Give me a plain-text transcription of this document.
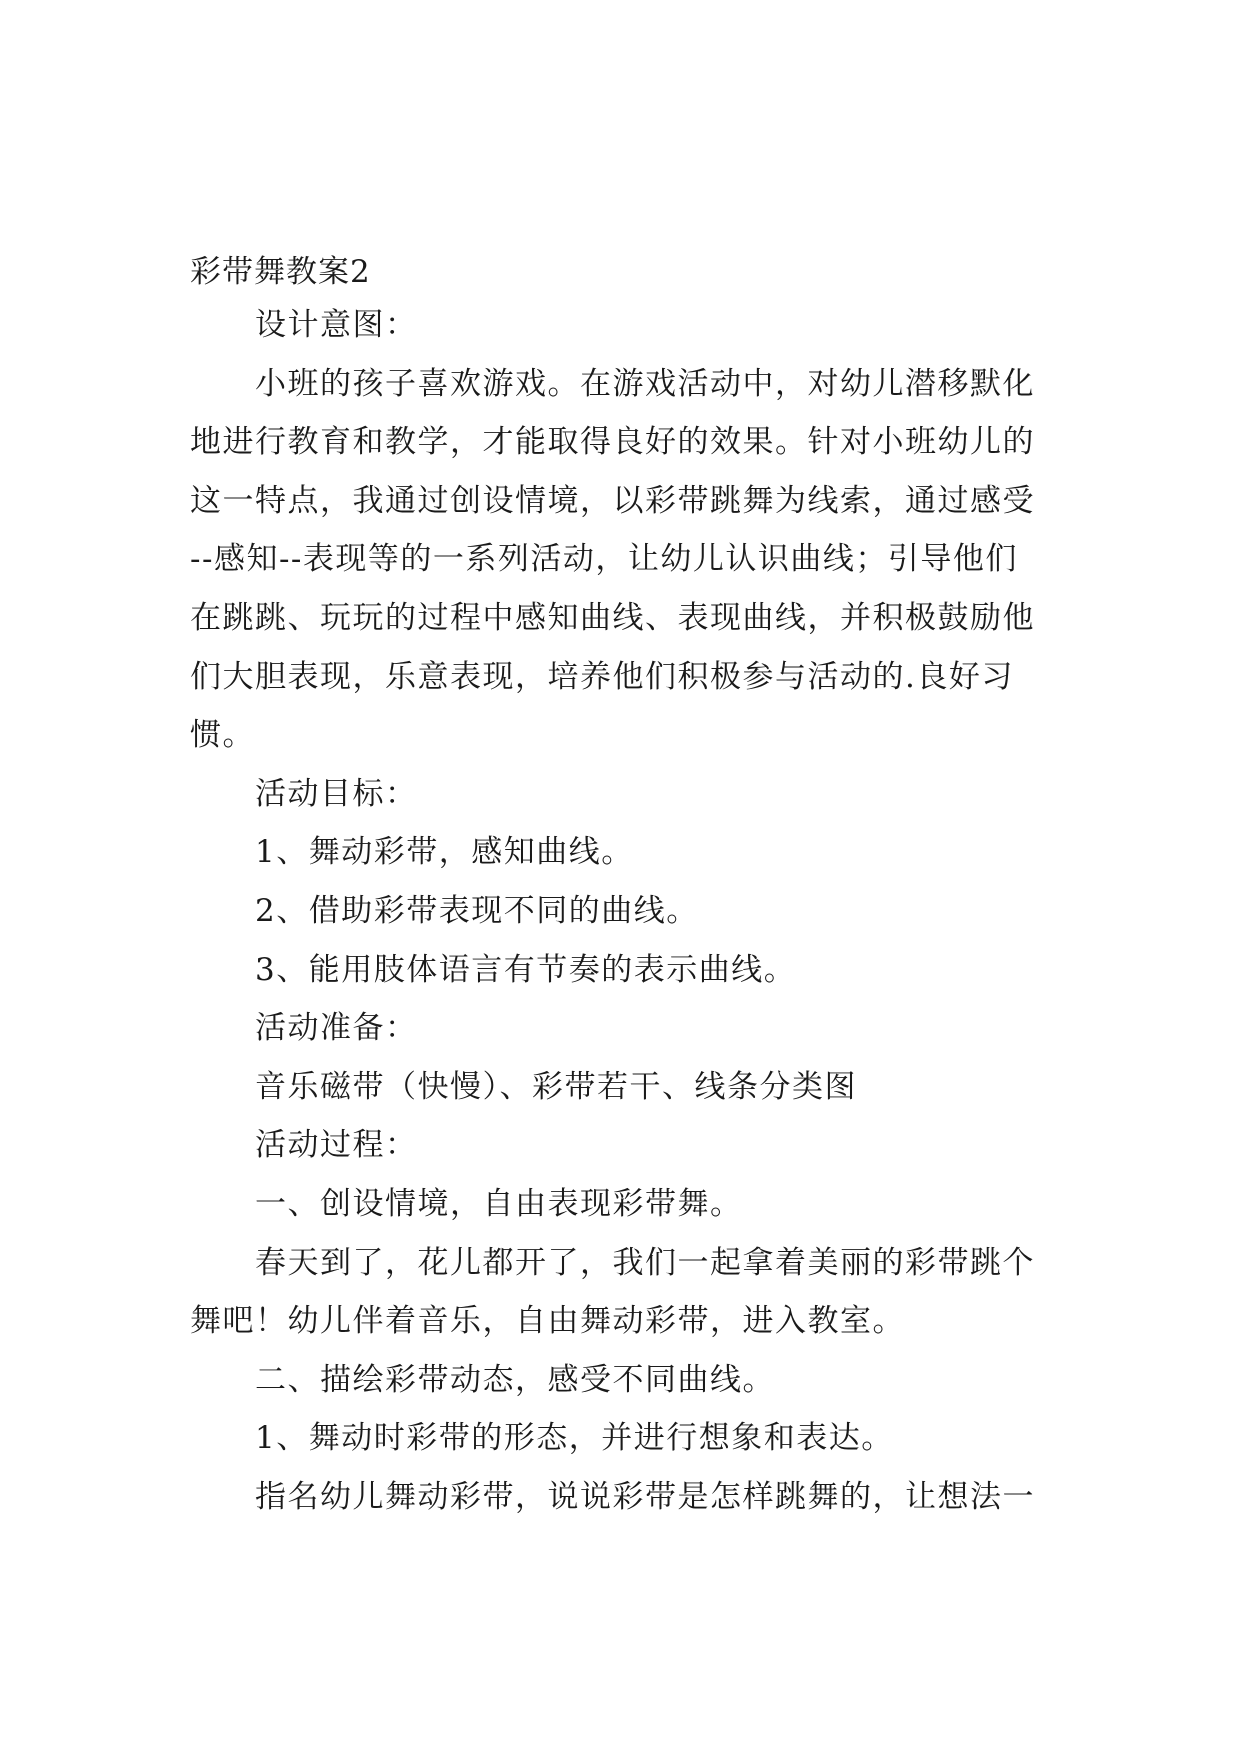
彩带舞教案2
设计意图：
小班的孩子喜欢游戏。在游戏活动中，对幼儿潜移默化
地进行教育和教学，才能取得良好的效果。针对小班幼儿的
这一特点，我通过创设情境，以彩带跳舞为线索，通过感受
--感知--表现等的一系列活动，让幼儿认识曲线；引导他们
在跳跳、玩玩的过程中感知曲线、表现曲线，并积极鼓励他
们大胆表现，乐意表现，培养他们积极参与活动的.良好习
惯。
活动目标：
1、舞动彩带，感知曲线。
2、借助彩带表现不同的曲线。
3、能用肢体语言有节奏的表示曲线。
活动准备：
音乐磁带（快慢）、彩带若干、线条分类图
活动过程：
一、创设情境，自由表现彩带舞。
春天到了，花儿都开了，我们一起拿着美丽的彩带跳个
舞吧！幼儿伴着音乐，自由舞动彩带，进入教室。
二、描绘彩带动态，感受不同曲线。
1、舞动时彩带的形态，并进行想象和表达。
指名幼儿舞动彩带，说说彩带是怎样跳舞的，让想法一
